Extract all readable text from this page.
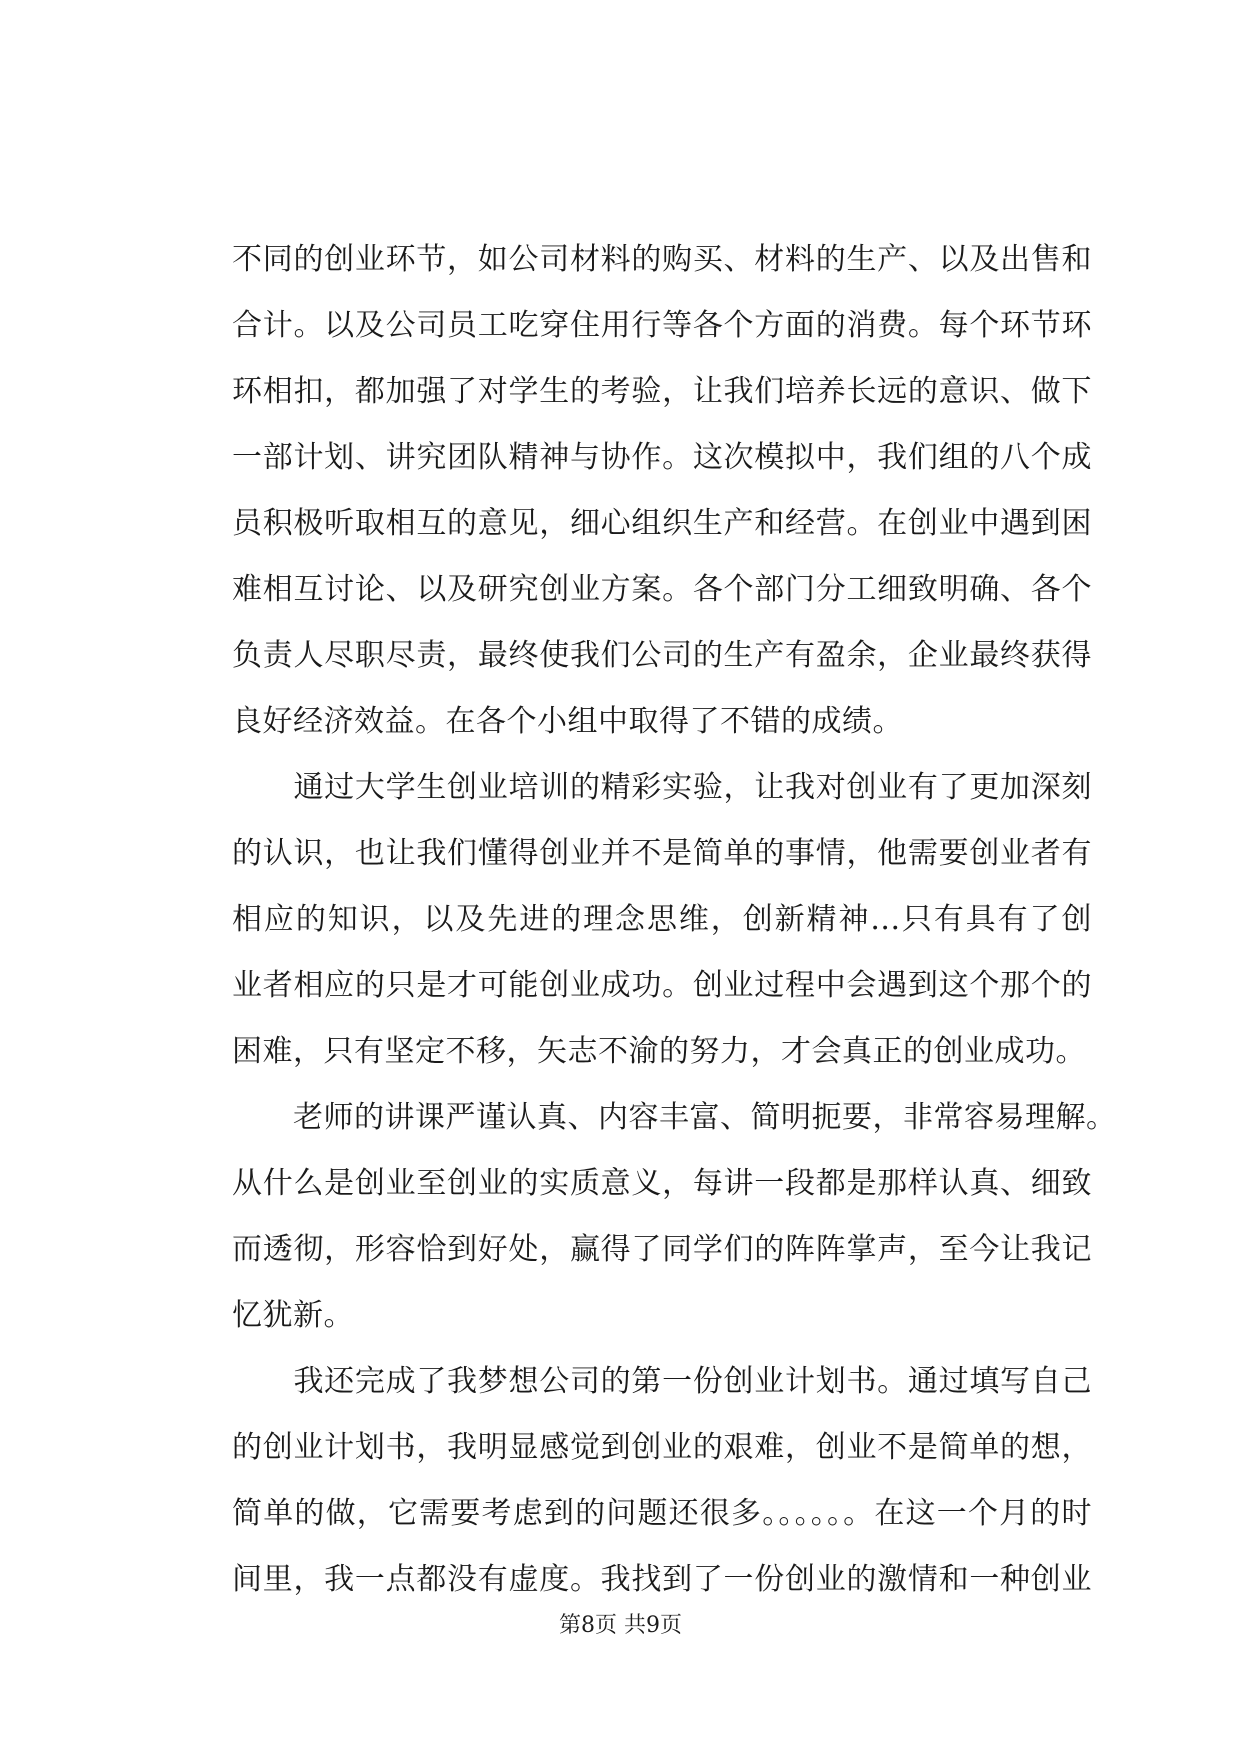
不同的创业环节，如公司材料的购买、材料的生产、以及出售和
合计。以及公司员工吃穿住用行等各个方面的消费。每个环节环
环相扣，都加强了对学生的考验，让我们培养长远的意识、做下
一部计划、讲究团队精神与协作。这次模拟中，我们组的八个成
员积极听取相互的意见，细心组织生产和经营。在创业中遇到困
难相互讨论、以及研究创业方案。各个部门分工细致明确、各个
负责人尽职尽责，最终使我们公司的生产有盈余，企业最终获得
良好经济效益。在各个小组中取得了不错的成绩。
　　通过大学生创业培训的精彩实验，让我对创业有了更加深刻
的认识，也让我们懂得创业并不是简单的事情，他需要创业者有
相应的知识，以及先进的理念思维，创新精神...只有具有了创
业者相应的只是才可能创业成功。创业过程中会遇到这个那个的
困难，只有坚定不移，矢志不渝的努力，才会真正的创业成功。
　　老师的讲课严谨认真、内容丰富、简明扼要，非常容易理解。
从什么是创业至创业的实质意义，每讲一段都是那样认真、细致
而透彻，形容恰到好处，赢得了同学们的阵阵掌声，至今让我记
忆犹新。
　　我还完成了我梦想公司的第一份创业计划书。通过填写自己
的创业计划书，我明显感觉到创业的艰难，创业不是简单的想，
简单的做，它需要考虑到的问题还很多。。。。。。在这一个月的时
间里，我一点都没有虚度。我找到了一份创业的激情和一种创业
第8页 共9页
